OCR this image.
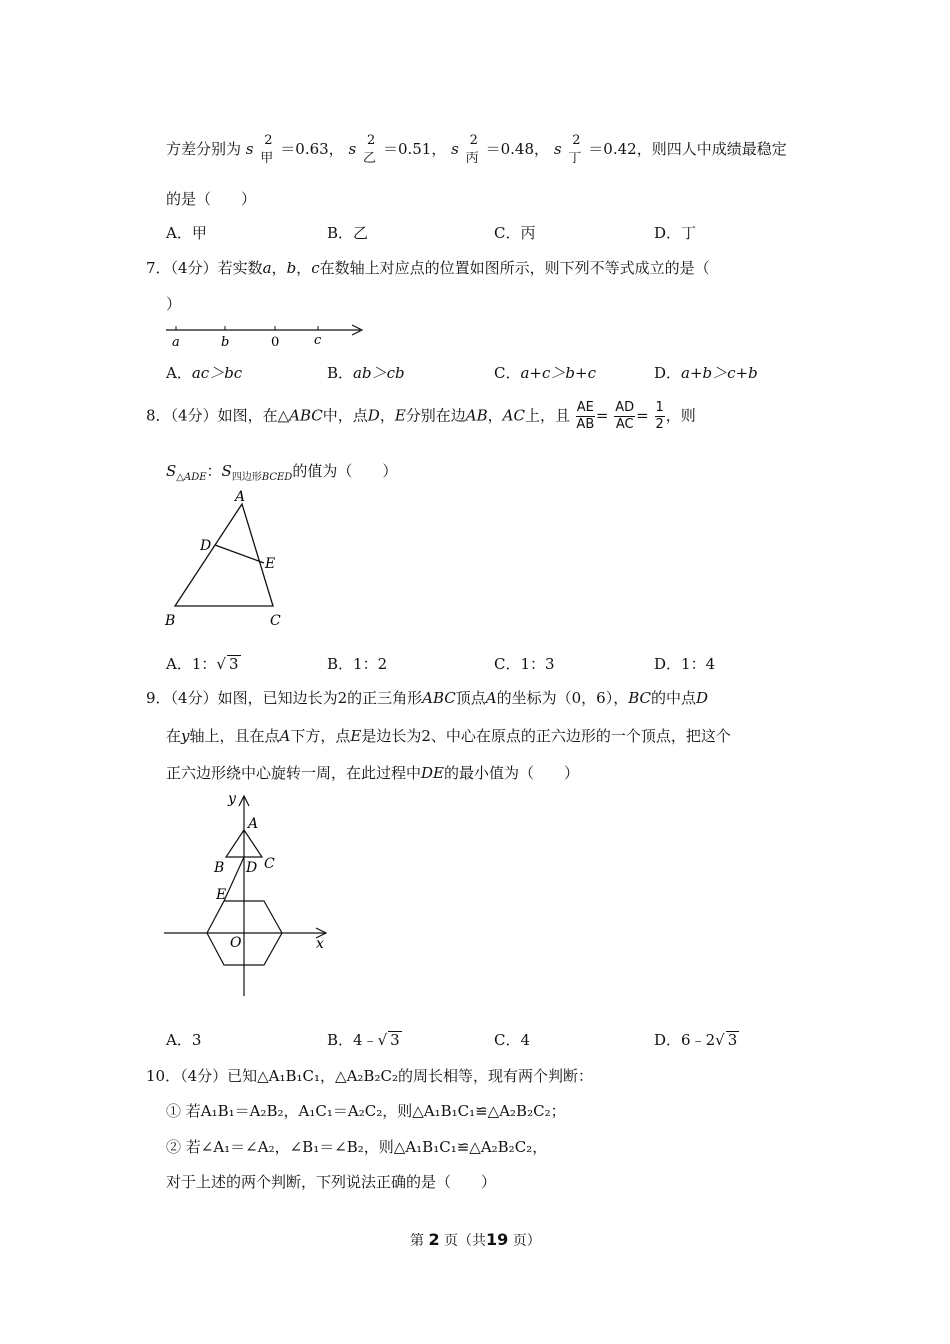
方差分别为 s 2
甲
＝0.63， s 2
乙
＝0.51， s 2
丙
＝0.48， s 2
丁
＝0.42，则四人中成绩最稳定
的是（　　）
A．甲	B．乙	C．丙	D．丁
7．（4分）若实数a，b，c在数轴上对应点的位置如图所示，则下列不等式成立的是（
）
a	b	0	c
A．ac＞bc	B．ab＞cb	C．a+c＞b+c	D．a+b＞c+b
8．（4分）如图，在△ABC中，点D，E分别在边AB，AC上，且 $\frac{AE}{AB} = \frac{AD}{AC} = \frac{1}{2}$ ，则
$S_{\triangle ADE}$：$S_{四边形BCED}$的值为（　　）
A
D
E
B	C
A．1：√ 3	B．1：2	C．1：3	D．1：4
9．（4分）如图，已知边长为2的正三角形ABC顶点A的坐标为（0，6），BC的中点D
在y轴上，且在点A下方，点E是边长为2、中心在原点的正六边形的一个顶点，把这个
正六边形绕中心旋转一周，在此过程中DE的最小值为（　　）
y
A
B D C
E
O	x
A．3	B．4﹣√ 3	C．4	D．6﹣2√ 3
10．（4分）已知△A₁B₁C₁，△A₂B₂C₂的周长相等，现有两个判断：
① 若A₁B₁＝A₂B₂，A₁C₁＝A₂C₂，则△A₁B₁C₁≌△A₂B₂C₂；
② 若∠A₁＝∠A₂，∠B₁＝∠B₂，则△A₁B₁C₁≌△A₂B₂C₂，
对于上述的两个判断，下列说法正确的是（　　）
第 2 页（共19 页）
